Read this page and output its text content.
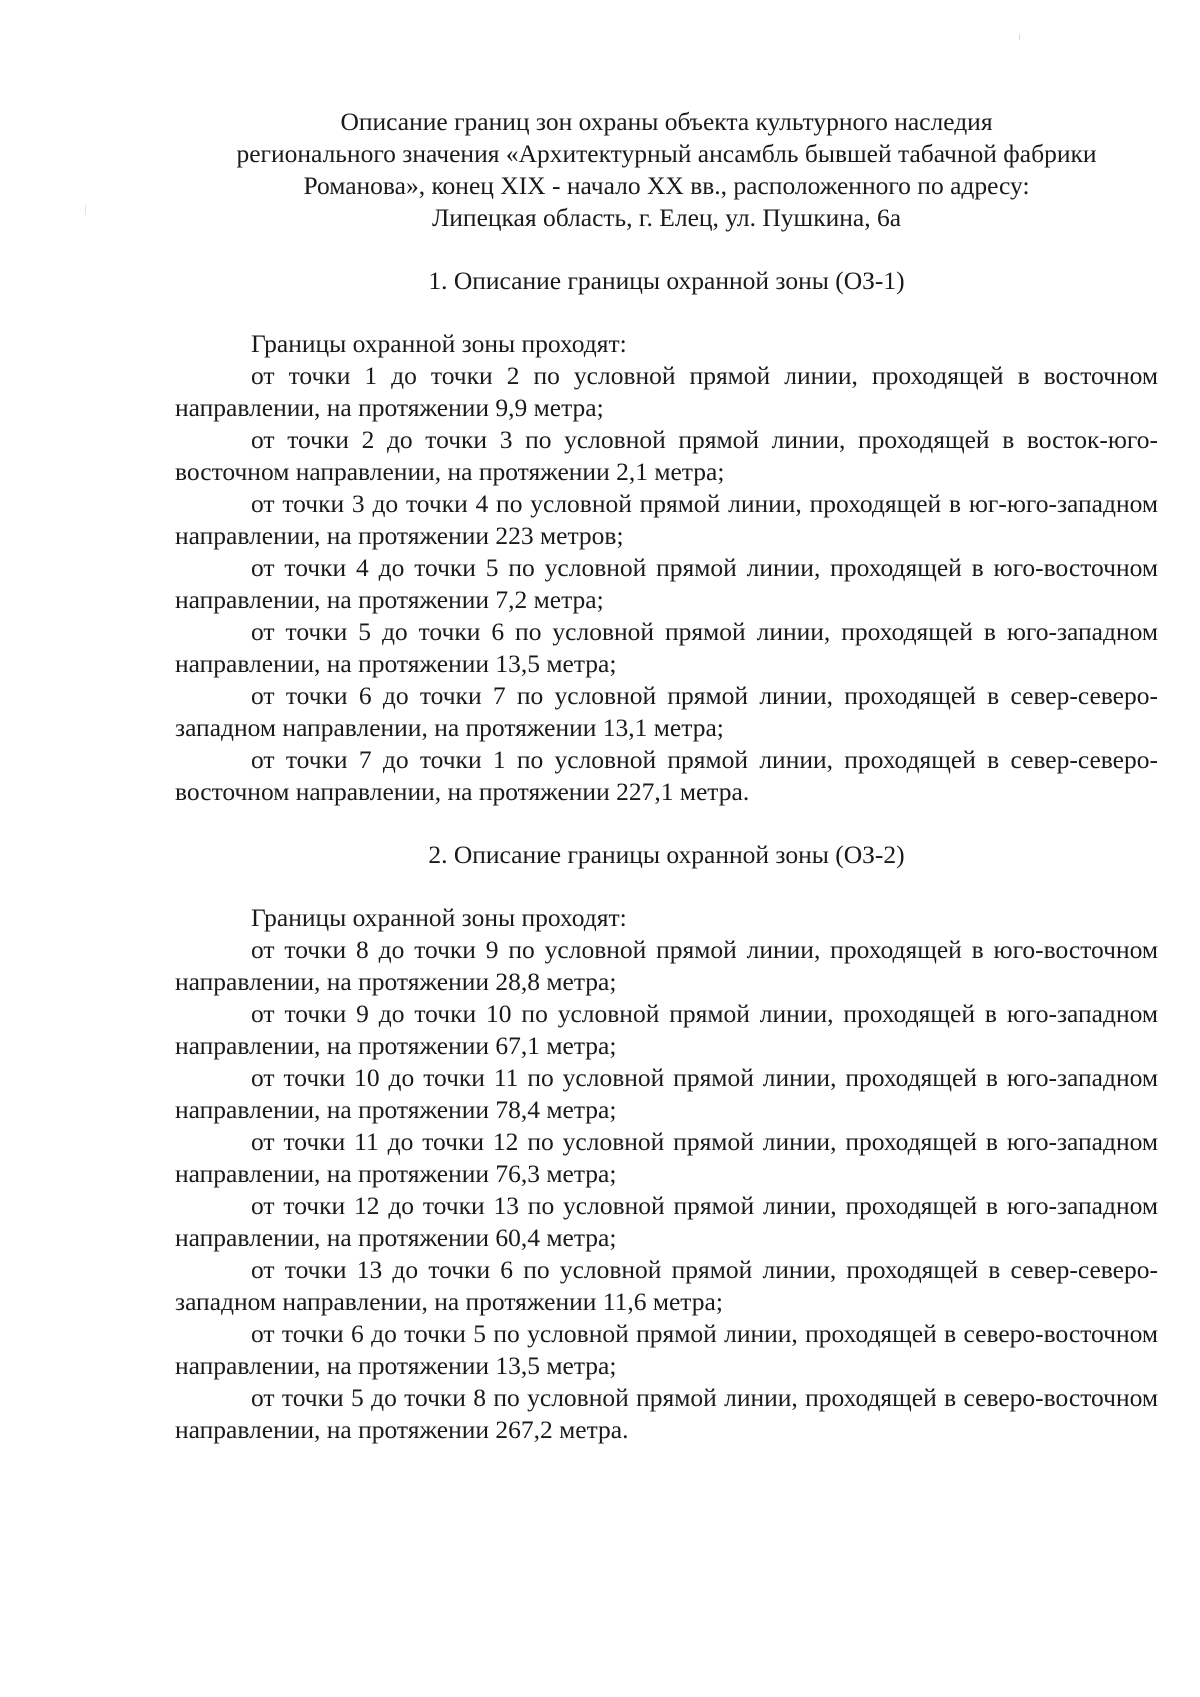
Описание границ зон охраны объекта культурного наследия
регионального значения «Архитектурный ансамбль бывшей табачной фабрики
Романова», конец XIX - начало XX вв., расположенного по адресу:
Липецкая область, г. Елец, ул. Пушкина, 6а

1. Описание границы охранной зоны (ОЗ-1)

Границы охранной зоны проходят:

от точки 1 до точки 2 по условной прямой линии, проходящей в восточном направлении, на протяжении 9,9 метра;

от точки 2 до точки 3 по условной прямой линии, проходящей в восток-юго-восточном направлении, на протяжении 2,1 метра;

от точки 3 до точки 4 по условной прямой линии, проходящей в юг-юго-западном направлении, на протяжении 223 метров;

от точки 4 до точки 5 по условной прямой линии, проходящей в юго-восточном направлении, на протяжении 7,2 метра;

от точки 5 до точки 6 по условной прямой линии, проходящей в юго-западном направлении, на протяжении 13,5 метра;

от точки 6 до точки 7 по условной прямой линии, проходящей в север-северо-западном направлении, на протяжении 13,1 метра;

от точки 7 до точки 1 по условной прямой линии, проходящей в север-северо-восточном направлении, на протяжении 227,1 метра.

2. Описание границы охранной зоны (ОЗ-2)

Границы охранной зоны проходят:

от точки 8 до точки 9 по условной прямой линии, проходящей в юго-восточном направлении, на протяжении 28,8 метра;

от точки 9 до точки 10 по условной прямой линии, проходящей в юго-западном направлении, на протяжении 67,1 метра;

от точки 10 до точки 11 по условной прямой линии, проходящей в юго-западном направлении, на протяжении 78,4 метра;

от точки 11 до точки 12 по условной прямой линии, проходящей в юго-западном направлении, на протяжении 76,3 метра;

от точки 12 до точки 13 по условной прямой линии, проходящей в юго-западном направлении, на протяжении 60,4 метра;

от точки 13 до точки 6 по условной прямой линии, проходящей в север-северо-западном направлении, на протяжении 11,6 метра;

от точки 6 до точки 5 по условной прямой линии, проходящей в северо-восточном направлении, на протяжении 13,5 метра;

от точки 5 до точки 8 по условной прямой линии, проходящей в северо-восточном направлении, на протяжении 267,2 метра.
